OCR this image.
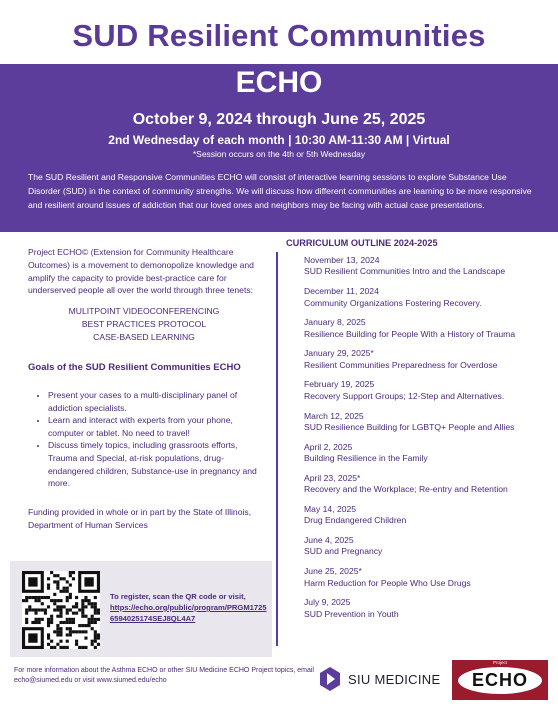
SUD Resilient Communities
ECHO
October 9, 2024 through June 25, 2025
2nd Wednesday of each month | 10:30 AM-11:30 AM | Virtual
*Session occurs on the 4th or 5th Wednesday
The SUD Resilient and Responsive Communities ECHO will consist of interactive learning sessions to explore Substance Use Disorder (SUD) in the context of community strengths. We will discuss how different communities are learning to be more responsive and resilient around issues of addiction that our loved ones and neighbors may be facing with actual case presentations.
Project ECHO© (Extension for Community Healthcare Outcomes) is a movement to demonopolize knowledge and amplify the capacity to provide best-practice care for underserved people all over the world through three tenets:
MULITPOINT VIDEOCONFERENCING
BEST PRACTICES PROTOCOL
CASE-BASED LEARNING
Goals of the SUD Resilient Communities ECHO
• Present your cases to a multi-disciplinary panel of addiction specialists.
• Learn and interact with experts from your phone, computer or tablet. No need to travel!
• Discuss timely topics, including grassroots efforts, Trauma and Special, at-risk populations, drug-endangered children, Substance-use in pregnancy and more.
Funding provided in whole or in part by the State of Illinois, Department of Human Services
CURRICULUM OUTLINE 2024-2025
November 13, 2024
SUD Resilient Communities Intro and the Landscape
December 11, 2024
Community Organizations Fostering Recovery.
January 8, 2025
Resilience Building for People With a History of Trauma
January 29, 2025*
Resilient Communities Preparedness for Overdose
February 19, 2025
Recovery Support Groups; 12-Step and Alternatives.
March 12, 2025
SUD Resilience Building for LGBTQ+ People and Allies
April 2, 2025
Building Resilience in the Family
April 23, 2025*
Recovery and the Workplace; Re-entry and Retention
May 14, 2025
Drug Endangered Children
June 4, 2025
SUD and Pregnancy
June 25, 2025*
Harm Reduction for People Who Use Drugs
July 9, 2025
SUD Prevention in Youth
To register, scan the QR code or visit,
https://echo.org/public/program/PRGM17256594025174SEJ8QL4A7
For more information about the Asthma ECHO or other SIU Medicine ECHO Project topics, email echo@siumed.edu or visit www.siumed.edu/echo	SIU MEDICINE
Project
ECHO
